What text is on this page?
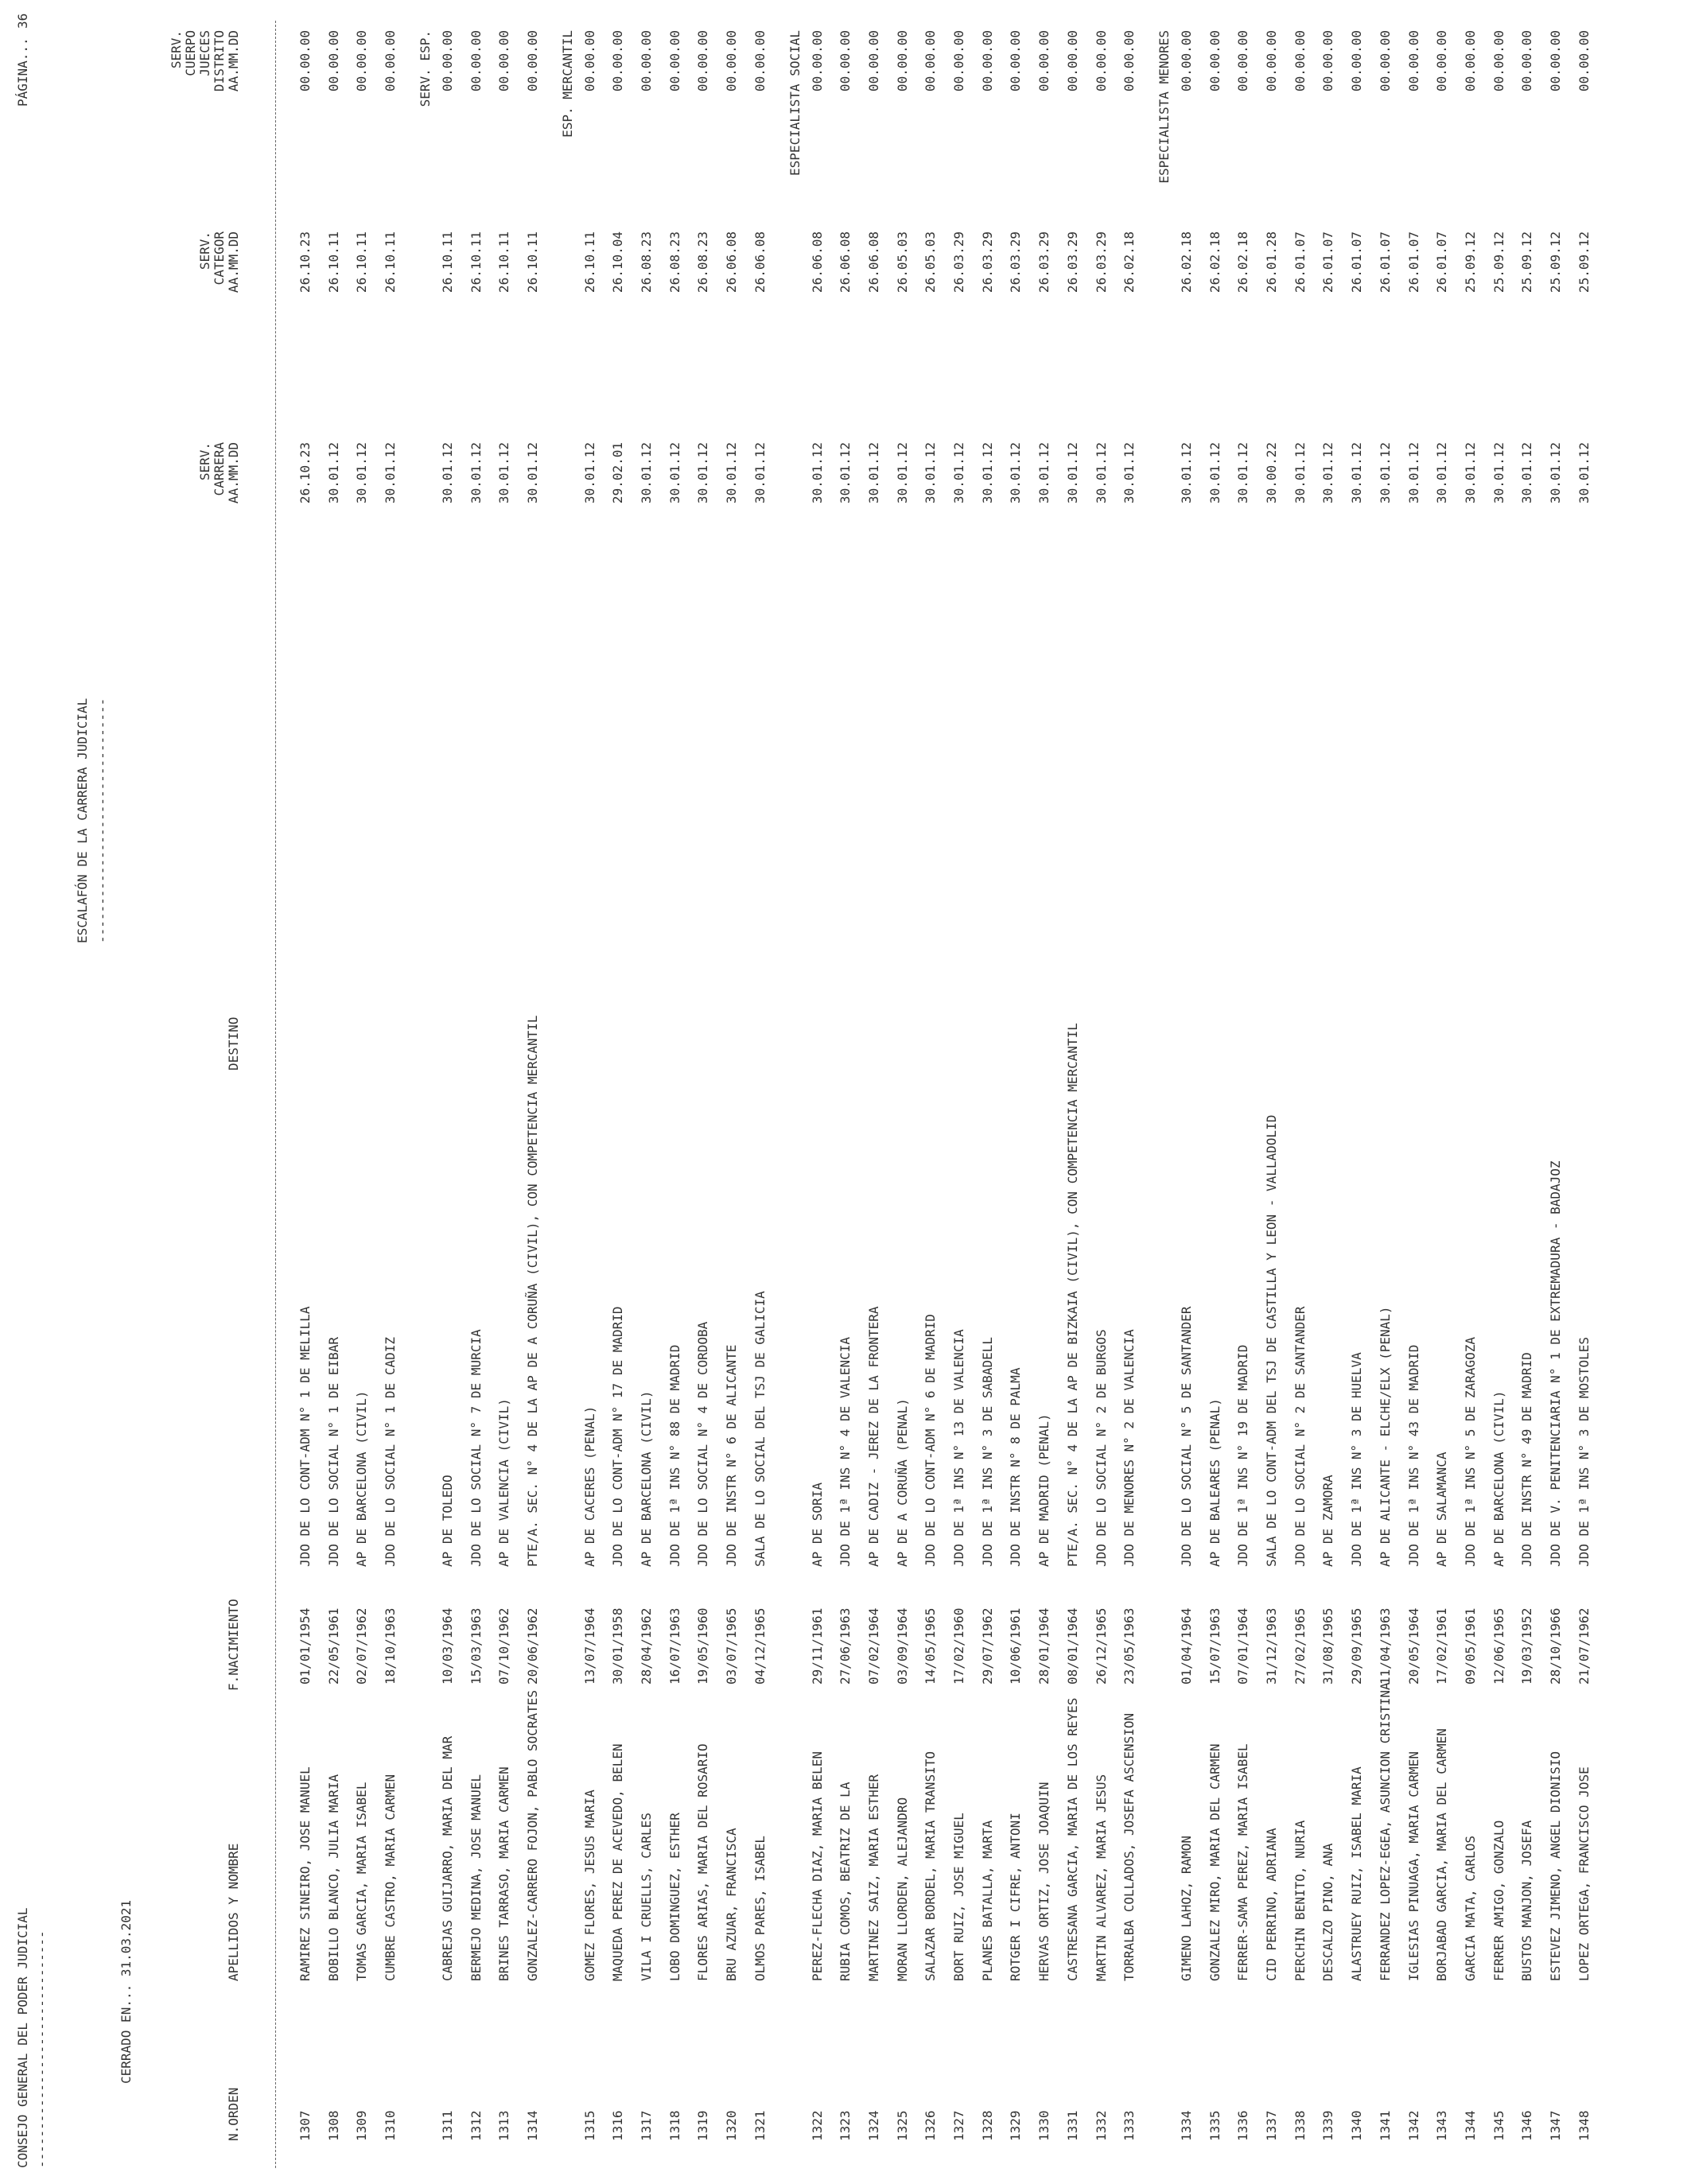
CONSEJO GENERAL DEL PODER JUDICIAL -------------------------------
ESCALAFÓN DE LA CARRERA JUDICIAL --------------------------------
PÁGINA...
36
CERRADO EN... 31.03.2021
N.ORDEN
APELLIDOS Y NOMBRE
F.NACIMIENTO
DESTINO
SERV. CARRERA AA.MM.DD
SERV. CATEGOR AA.MM.DD
SERV. CUERPO JUECES DISTRITO AA.MM.DD
1307
RAMIREZ SINEIRO, JOSE MANUEL
01/01/1954
JDO DE LO CONT-ADM N° 1 DE MELILLA
26.10.23
26.10.23
00.00.00
1308
BOBILLO BLANCO, JULIA MARIA
22/05/1961
JDO DE LO SOCIAL N° 1 DE EIBAR
30.01.12
26.10.11
00.00.00
1309
TOMAS GARCIA, MARIA ISABEL
02/07/1962
AP DE BARCELONA (CIVIL)
30.01.12
26.10.11
00.00.00
1310
CUMBRE CASTRO, MARIA CARMEN
18/10/1963
JDO DE LO SOCIAL N° 1 DE CADIZ
30.01.12
26.10.11
00.00.00 SERV. ESP.
1311
CABREJAS GUIJARRO, MARIA DEL MAR
10/03/1964
AP DE TOLEDO
30.01.12
26.10.11
00.00.00
1312
BERMEJO MEDINA, JOSE MANUEL
15/03/1963
JDO DE LO SOCIAL N° 7 DE MURCIA
30.01.12
26.10.11
00.00.00
1313
BRINES TARRASO, MARIA CARMEN
07/10/1962
AP DE VALENCIA (CIVIL)
30.01.12
26.10.11
00.00.00
1314
GONZALEZ-CARRERO FOJON, PABLO SOCRATES
20/06/1962
PTE/A. SEC. N° 4 DE LA AP DE A CORUÑA (CIVIL), CON COMPETENCIA MERCANTIL
30.01.12
26.10.11
00.00.00 ESP. MERCANTIL
1315
GOMEZ FLORES, JESUS MARIA
13/07/1964
AP DE CACERES (PENAL)
30.01.12
26.10.11
00.00.00
1316
MAQUEDA PEREZ DE ACEVEDO, BELEN
30/01/1958
JDO DE LO CONT-ADM N° 17 DE MADRID
29.02.01
26.10.04
00.00.00
1317
VILA I CRUELLS, CARLES
28/04/1962
AP DE BARCELONA (CIVIL)
30.01.12
26.08.23
00.00.00
1318
LOBO DOMINGUEZ, ESTHER
16/07/1963
JDO DE 1ª INS N° 88 DE MADRID
30.01.12
26.08.23
00.00.00
1319
FLORES ARIAS, MARIA DEL ROSARIO
19/05/1960
JDO DE LO SOCIAL N° 4 DE CORDOBA
30.01.12
26.08.23
00.00.00
1320
BRU AZUAR, FRANCISCA
03/07/1965
JDO DE INSTR N° 6 DE ALICANTE
30.01.12
26.06.08
00.00.00
1321
OLMOS PARES, ISABEL
04/12/1965
SALA DE LO SOCIAL DEL TSJ DE GALICIA
30.01.12
26.06.08
00.00.00 ESPECIALISTA SOCIAL
1322
PEREZ-FLECHA DIAZ, MARIA BELEN
29/11/1961
AP DE SORIA
30.01.12
26.06.08
00.00.00
1323
RUBIA COMOS, BEATRIZ DE LA
27/06/1963
JDO DE 1ª INS N° 4 DE VALENCIA
30.01.12
26.06.08
00.00.00
1324
MARTINEZ SAIZ, MARIA ESTHER
07/02/1964
AP DE CADIZ - JEREZ DE LA FRONTERA
30.01.12
26.06.08
00.00.00
1325
MORAN LLORDEN, ALEJANDRO
03/09/1964
AP DE A CORUÑA (PENAL)
30.01.12
26.05.03
00.00.00
1326
SALAZAR BORDEL, MARIA TRANSITO
14/05/1965
JDO DE LO CONT-ADM N° 6 DE MADRID
30.01.12
26.05.03
00.00.00
1327
BORT RUIZ, JOSE MIGUEL
17/02/1960
JDO DE 1ª INS N° 13 DE VALENCIA
30.01.12
26.03.29
00.00.00
1328
PLANES BATALLA, MARTA
29/07/1962
JDO DE 1ª INS N° 3 DE SABADELL
30.01.12
26.03.29
00.00.00
1329
ROTGER I CIFRE, ANTONI
10/06/1961
JDO DE INSTR N° 8 DE PALMA
30.01.12
26.03.29
00.00.00
1330
HERVAS ORTIZ, JOSE JOAQUIN
28/01/1964
AP DE MADRID (PENAL)
30.01.12
26.03.29
00.00.00
1331
CASTRESANA GARCIA, MARIA DE LOS REYES
08/01/1964
PTE/A. SEC. N° 4 DE LA AP DE BIZKAIA (CIVIL), CON COMPETENCIA MERCANTIL
30.01.12
26.03.29
00.00.00
1332
MARTIN ALVAREZ, MARIA JESUS
26/12/1965
JDO DE LO SOCIAL N° 2 DE BURGOS
30.01.12
26.03.29
00.00.00
1333
TORRALBA COLLADOS, JOSEFA ASCENSION
23/05/1963
JDO DE MENORES N° 2 DE VALENCIA
30.01.12
26.02.18
00.00.00 ESPECIALISTA MENORES
1334
GIMENO LAHOZ, RAMON
01/04/1964
JDO DE LO SOCIAL N° 5 DE SANTANDER
30.01.12
26.02.18
00.00.00
1335
GONZALEZ MIRO, MARIA DEL CARMEN
15/07/1963
AP DE BALEARES (PENAL)
30.01.12
26.02.18
00.00.00
1336
FERRER-SAMA PEREZ, MARIA ISABEL
07/01/1964
JDO DE 1ª INS N° 19 DE MADRID
30.01.12
26.02.18
00.00.00
1337
CID PERRINO, ADRIANA
31/12/1963
SALA DE LO CONT-ADM DEL TSJ DE CASTILLA Y LEON - VALLADOLID
30.00.22
26.01.28
00.00.00
1338
PERCHIN BENITO, NURIA
27/02/1965
JDO DE LO SOCIAL N° 2 DE SANTANDER
30.01.12
26.01.07
00.00.00
1339
DESCALZO PINO, ANA
31/08/1965
AP DE ZAMORA
30.01.12
26.01.07
00.00.00
1340
ALASTRUEY RUIZ, ISABEL MARIA
29/09/1965
JDO DE 1ª INS N° 3 DE HUELVA
30.01.12
26.01.07
00.00.00
1341
FERRANDEZ LOPEZ-EGEA, ASUNCION CRISTINA
11/04/1963
AP DE ALICANTE - ELCHE/ELX (PENAL)
30.01.12
26.01.07
00.00.00
1342
IGLESIAS PINUAGA, MARIA CARMEN
20/05/1964
JDO DE 1ª INS N° 43 DE MADRID
30.01.12
26.01.07
00.00.00
1343
BORJABAD GARCIA, MARIA DEL CARMEN
17/02/1961
AP DE SALAMANCA
30.01.12
26.01.07
00.00.00
1344
GARCIA MATA, CARLOS
09/05/1961
JDO DE 1ª INS N° 5 DE ZARAGOZA
30.01.12
25.09.12
00.00.00
1345
FERRER AMIGO, GONZALO
12/06/1965
AP DE BARCELONA (CIVIL)
30.01.12
25.09.12
00.00.00
1346
BUSTOS MANJON, JOSEFA
19/03/1952
JDO DE INSTR N° 49 DE MADRID
30.01.12
25.09.12
00.00.00
1347
ESTEVEZ JIMENO, ANGEL DIONISIO
28/10/1966
JDO DE V. PENITENCIARIA N° 1 DE EXTREMADURA - BADAJOZ
30.01.12
25.09.12
00.00.00
1348
LOPEZ ORTEGA, FRANCISCO JOSE
21/07/1962
JDO DE 1ª INS N° 3 DE MOSTOLES
30.01.12
25.09.12
00.00.00
